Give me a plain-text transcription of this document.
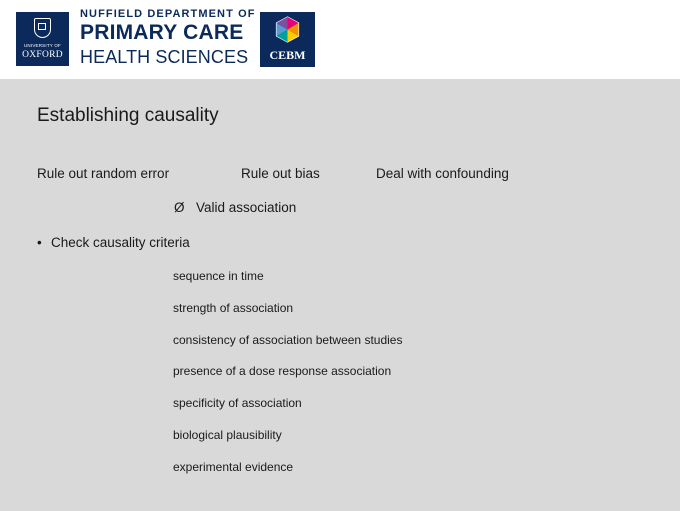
UNIVERSITY OF
OXFORD
NUFFIELD DEPARTMENT OF
PRIMARY CARE
HEALTH SCIENCES	CEBM
Establishing causality
Rule out random error	Rule out bias	Deal with confounding
Ø Valid association
• Check causality criteria
sequence in time
strength of association
consistency of association between studies
presence of a dose response association
specificity of association
biological plausibility
experimental evidence
